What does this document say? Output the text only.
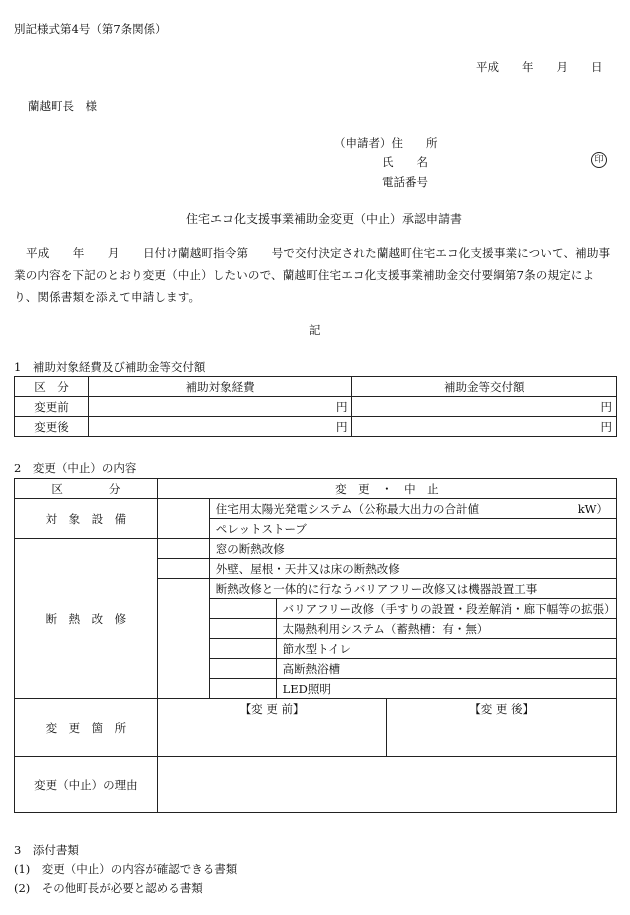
別記様式第4号（第7条関係）
平成　　年　　月　　日
蘭越町長　様
（申請者）住　　所
氏　　名	印
電話番号
住宅エコ化支援事業補助金変更（中止）承認申請書
平成　　年　　月　　日付け蘭越町指令第　　号で交付決定された蘭越町住宅エコ化支援事業について、補助事業の内容を下記のとおり変更（中止）したいので、蘭越町住宅エコ化支援事業補助金交付要綱第7条の規定により、関係書類を添えて申請します。
記
1　補助対象経費及び補助金等交付額
区　分	補助対象経費	補助金等交付額
変更前	円	円
変更後	円	円
2　変更（中止）の内容
区　　　　分	変　更　・　中　止			
対　象　設　備		住宅用太陽光発電システム（公称最大出力の合計値 kW）		

		ペレットストーブ		
断　熱　改　修		窓の断熱改修		
		外壁、屋根・天井又は床の断熱改修		
		断熱改修と一体的に行なうバリアフリー改修又は機器設置工事		
			バリアフリー改修（手すりの設置・段差解消・廊下幅等の拡張）	
			太陽熱利用システム（蓄熱槽：有・無）	
			節水型トイレ	
			高断熱浴槽	
			LED照明	
変　更　箇　所	【変 更 前】			【変 更 後】

変更（中止）の理由				
3　添付書類
(1)　変更（中止）の内容が確認できる書類
(2)　その他町長が必要と認める書類
